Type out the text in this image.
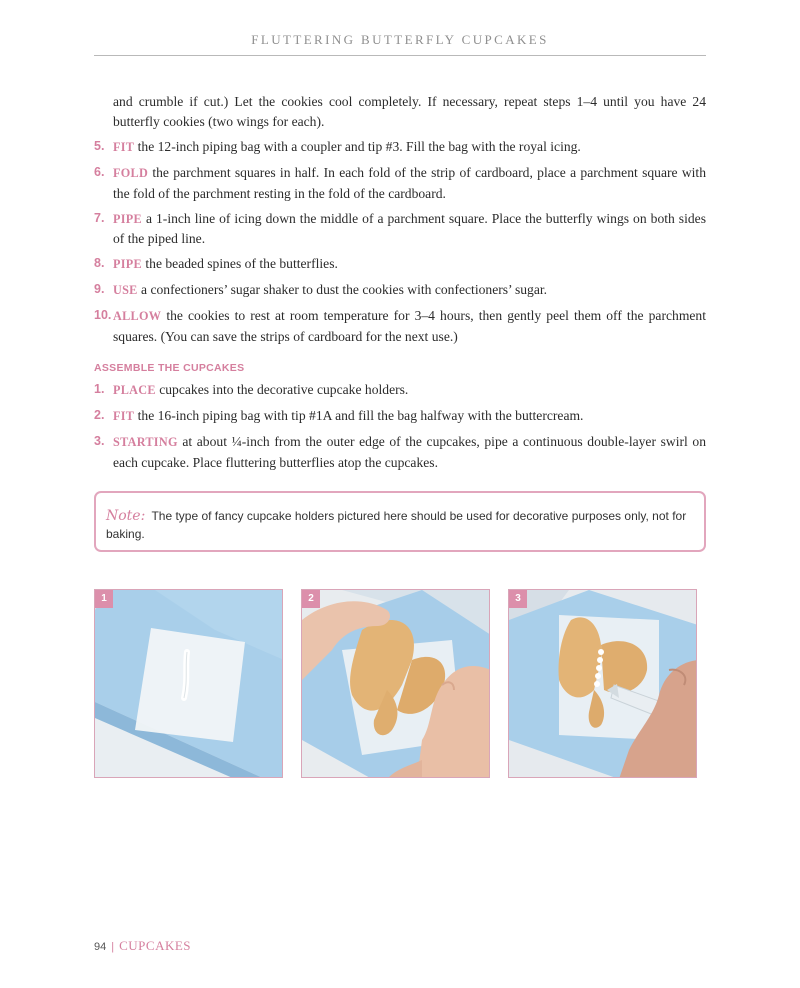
FLUTTERING BUTTERFLY CUPCAKES

and crumble if cut.) Let the cookies cool completely. If necessary, repeat steps 1–4 until you have 24 butterfly cookies (two wings for each).

5. FIT the 12-inch piping bag with a coupler and tip #3. Fill the bag with the royal icing.

6. FOLD the parchment squares in half. In each fold of the strip of cardboard, place a parchment square with the fold of the parchment resting in the fold of the cardboard.

7. PIPE a 1-inch line of icing down the middle of a parchment square. Place the butterfly wings on both sides of the piped line.

8. PIPE the beaded spines of the butterflies.

9. USE a confectioners’ sugar shaker to dust the cookies with confectioners’ sugar.

10. ALLOW the cookies to rest at room temperature for 3–4 hours, then gently peel them off the parchment squares. (You can save the strips of cardboard for the next use.)

ASSEMBLE THE CUPCAKES

1. PLACE cupcakes into the decorative cupcake holders.

2. FIT the 16-inch piping bag with tip #1A and fill the bag halfway with the buttercream.

3. STARTING at about ¼-inch from the outer edge of the cupcakes, pipe a continuous double-layer swirl on each cupcake. Place fluttering butterflies atop the cupcakes.

Note: The type of fancy cupcake holders pictured here should be used for decorative purposes only, not for baking.
1	2	3
94 | CUPCAKES
